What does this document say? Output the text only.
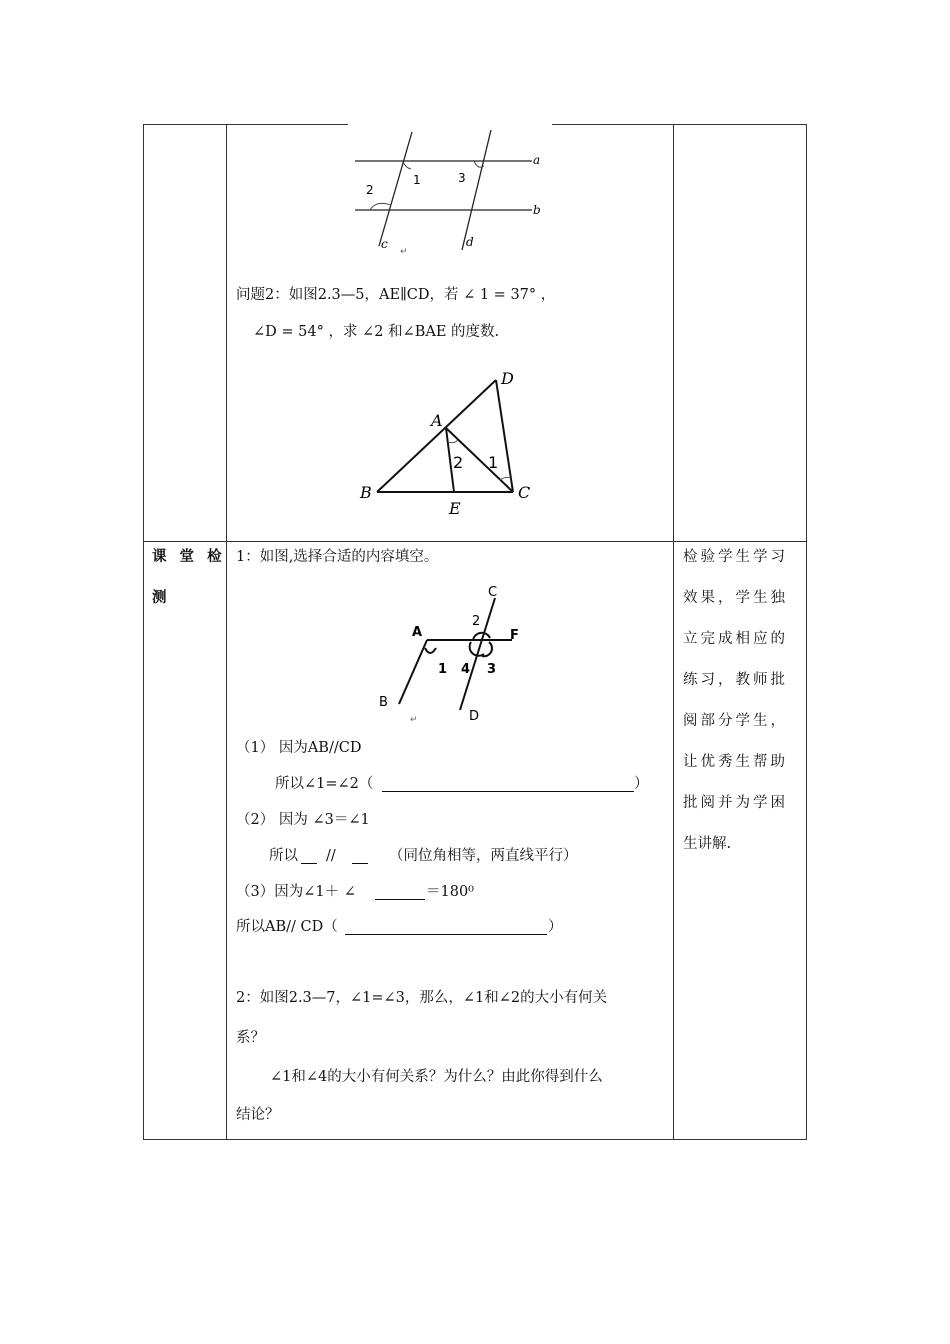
a
b
c	d
1
2
3
↵
问题2：如图2.3—5，AE∥CD，若 ∠ 1 = 37° ，
∠D = 54° ，求 ∠2 和∠BAE 的度数.
A
B	C
D
E
1
2
课 堂 检
测
1：如图,选择合适的内容填空。
A	F
B
C
D
1
2
4 3
↵
（1） 因为AB//CD
所以∠1=∠2（	）
（2） 因为 ∠3＝∠1
所以 //	（同位角相等，两直线平行）
（3）因为∠1＋ ∠	＝180⁰
所以AB// CD（	）
2：如图2.3—7，∠1=∠3，那么，∠1和∠2的大小有何关
系？
∠1和∠4的大小有何关系？为什么？由此你得到什么
结论？
检验学生学习
效果，学生独
立完成相应的
练习，教师批
阅部分学生，
让优秀生帮助
批阅并为学困
生讲解.
